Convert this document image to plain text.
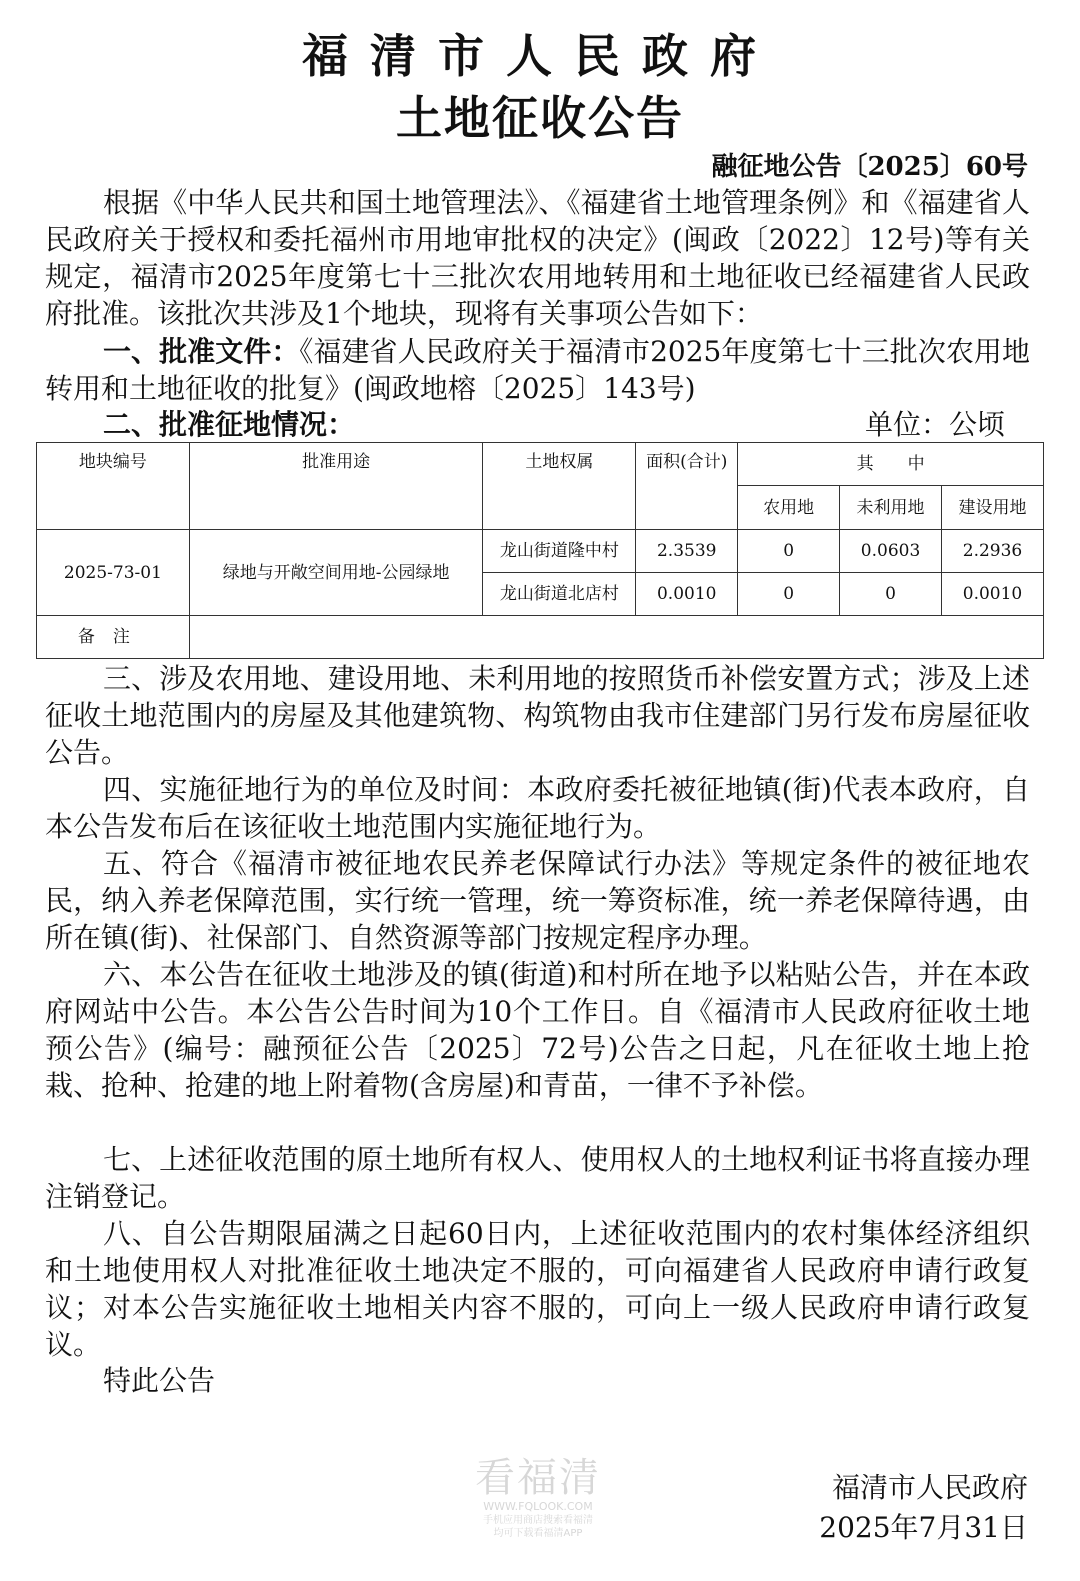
福清市人民政府
土地征收公告
融征地公告〔2025〕60号

根据《中华人民共和国土地管理法》、《福建省土地管理条例》和《福建省人民政府关于授权和委托福州市用地审批权的决定》(闽政〔2022〕12号)等有关规定，福清市2025年度第七十三批次农用地转用和土地征收已经福建省人民政府批准。该批次共涉及1个地块，现将有关事项公告如下：

一、批准文件：《福建省人民政府关于福清市2025年度第七十三批次农用地转用和土地征收的批复》(闽政地榕〔2025〕143号)

二、批准征地情况：	单位：公顷
地块编号	批准用途	土地权属	面积(合计)	其　　中		
				农用地	未利用地	建设用地
2025-73-01	绿地与开敞空间用地-公园绿地	龙山街道隆中村	2.3539	0	0.0603	2.2936
		龙山街道北店村	0.0010	0	0	0.0010
备注						

三、涉及农用地、建设用地、未利用地的按照货币补偿安置方式；涉及上述征收土地范围内的房屋及其他建筑物、构筑物由我市住建部门另行发布房屋征收公告。

四、实施征地行为的单位及时间：本政府委托被征地镇(街)代表本政府，自本公告发布后在该征收土地范围内实施征地行为。

五、符合《福清市被征地农民养老保障试行办法》等规定条件的被征地农民，纳入养老保障范围，实行统一管理，统一筹资标准，统一养老保障待遇，由所在镇(街)、社保部门、自然资源等部门按规定程序办理。

六、本公告在征收土地涉及的镇(街道)和村所在地予以粘贴公告，并在本政府网站中公告。本公告公告时间为10个工作日。自《福清市人民政府征收土地预公告》(编号：融预征公告〔2025〕72号)公告之日起，凡在征收土地上抢栽、抢种、抢建的地上附着物(含房屋)和青苗，一律不予补偿。

七、上述征收范围的原土地所有权人、使用权人的土地权利证书将直接办理注销登记。

八、自公告期限届满之日起60日内，上述征收范围内的农村集体经济组织和土地使用权人对批准征收土地决定不服的，可向福建省人民政府申请行政复议；对本公告实施征收土地相关内容不服的，可向上一级人民政府申请行政复议。

特此公告

看福清
WWW.FQLOOK.COM
手机应用商店搜索看福清
均可下载看福清APP
福清市人民政府
2025年7月31日
